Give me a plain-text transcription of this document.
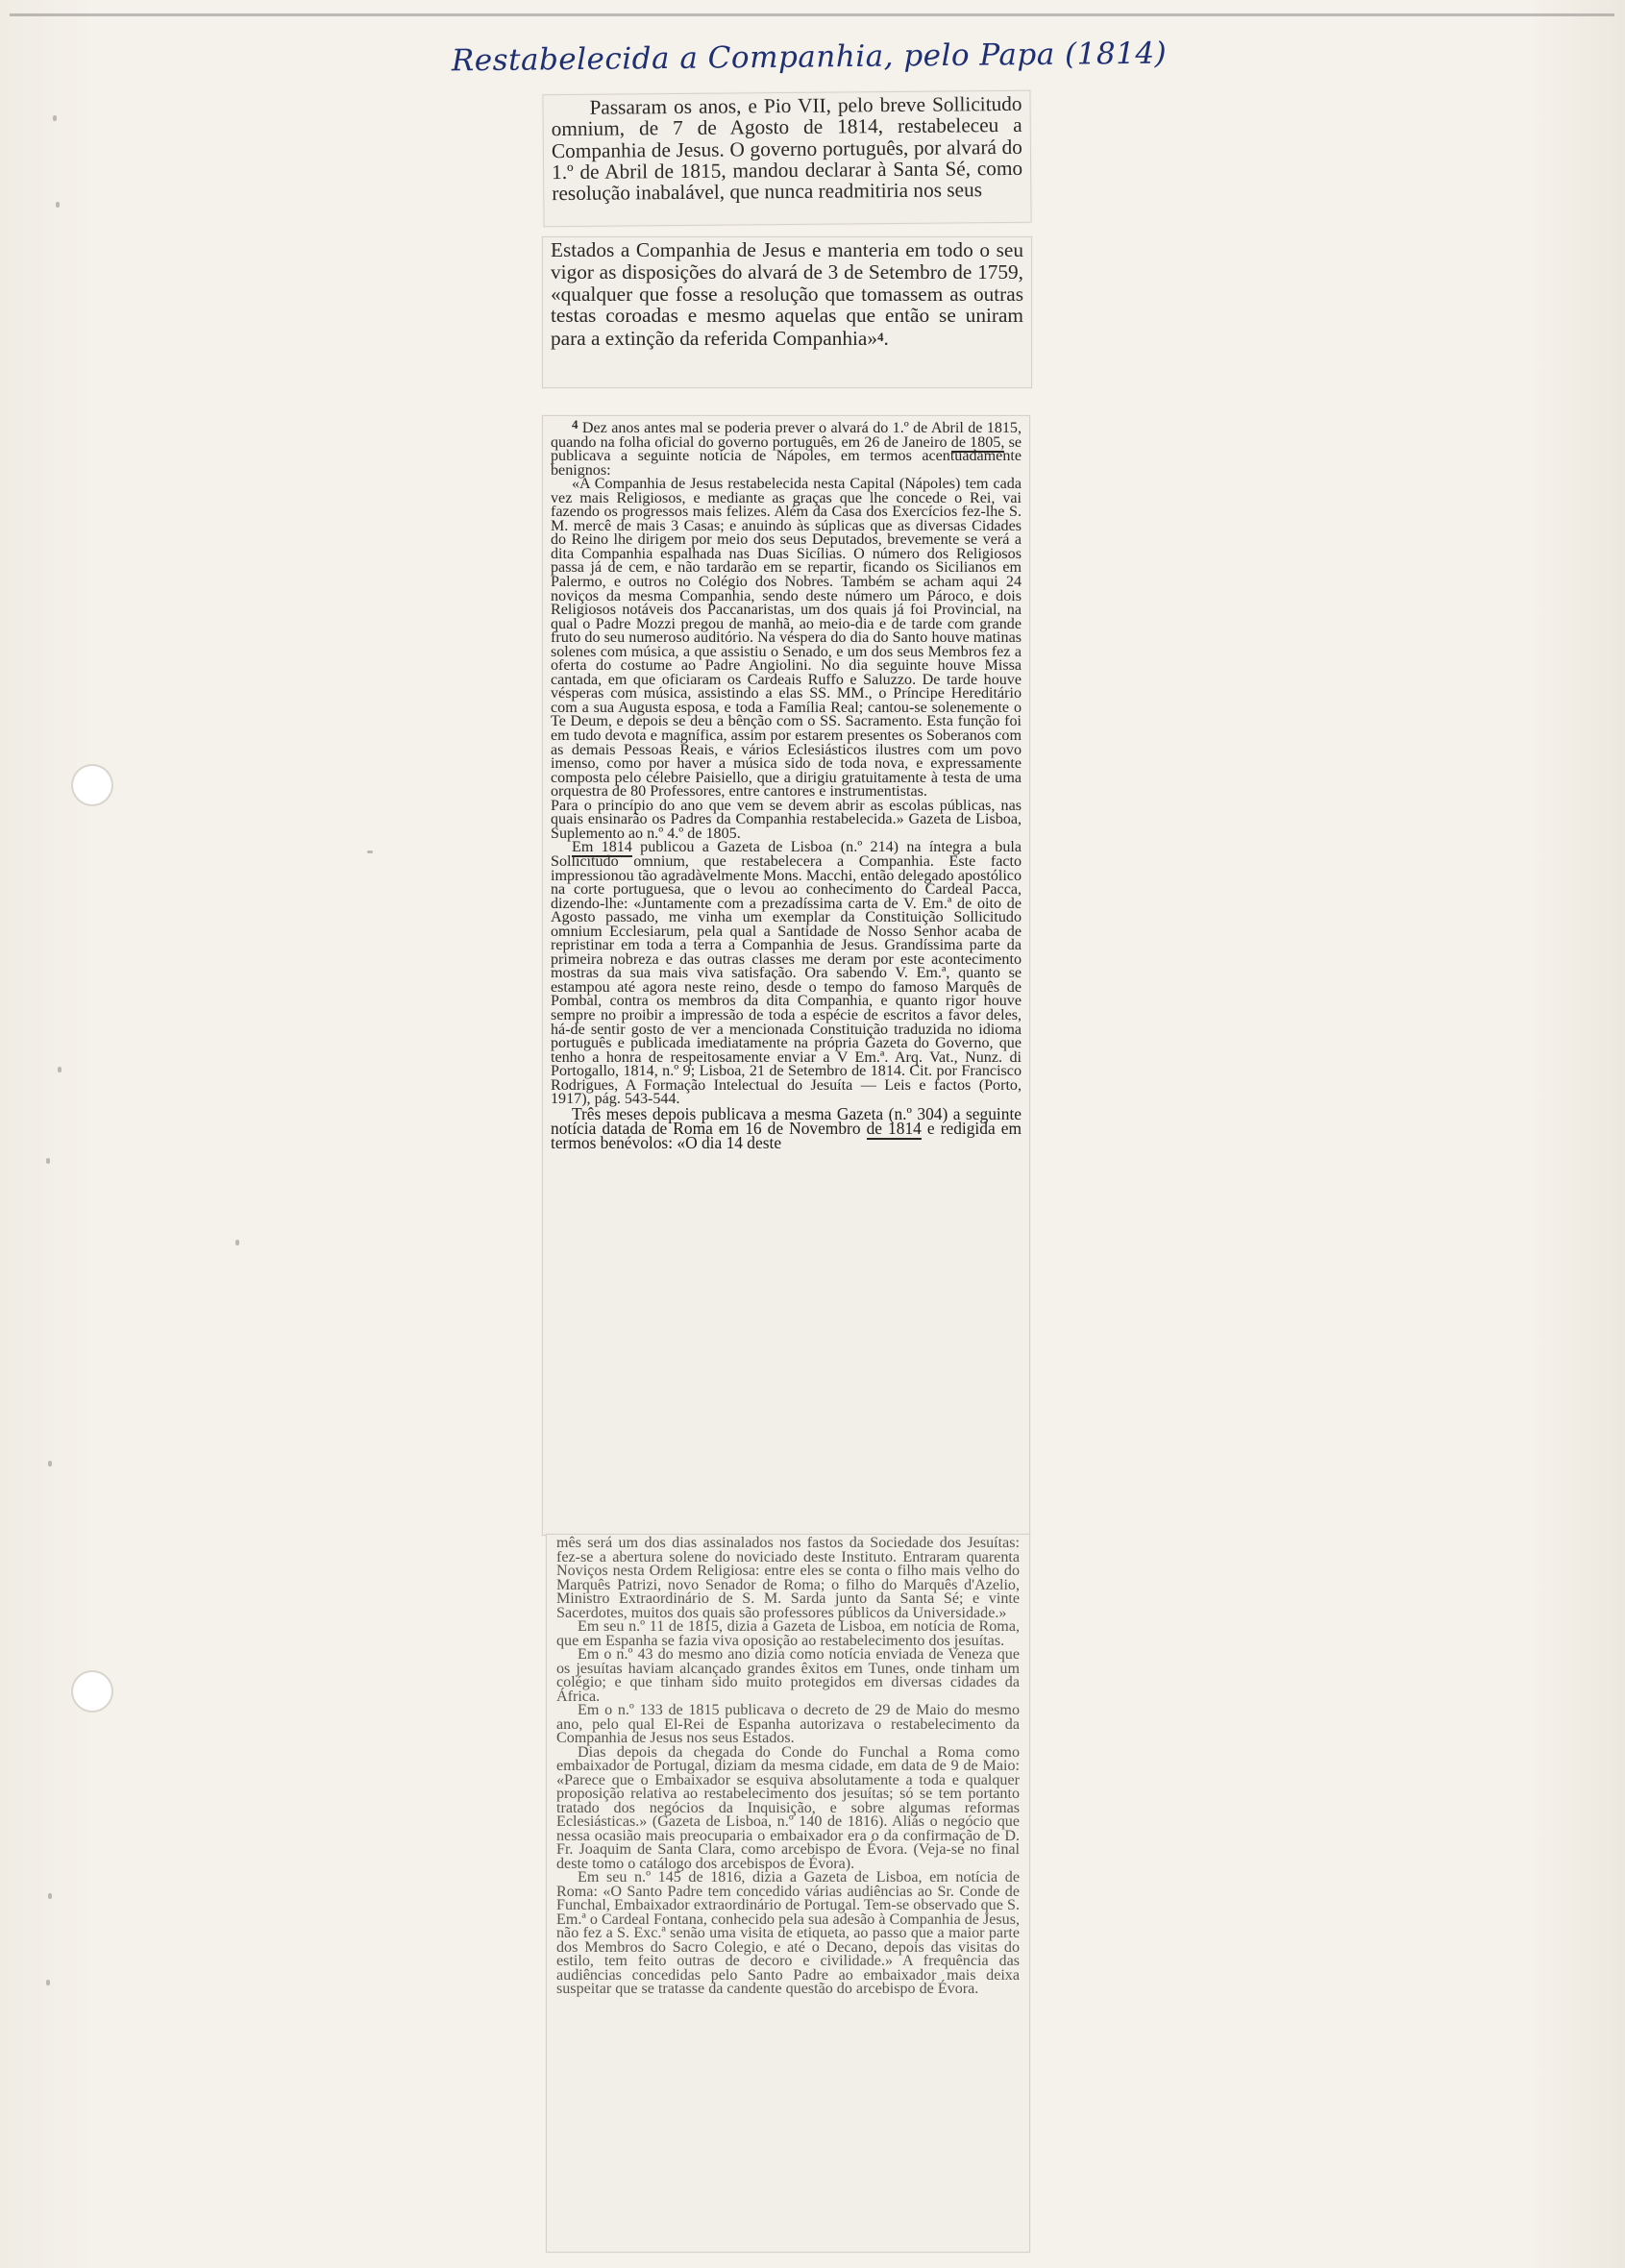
Restabelecida a Companhia, pelo Papa (1814)

Passaram os anos, e Pio VII, pelo breve Sollicitudo omnium, de 7 de Agosto de 1814, restabeleceu a Companhia de Jesus. O governo português, por alvará do 1.º de Abril de 1815, mandou declarar à Santa Sé, como resolução inabalável, que nunca readmitiria nos seus

Estados a Companhia de Jesus e manteria em todo o seu vigor as disposições do alvará de 3 de Setembro de 1759, «qualquer que fosse a resolução que tomassem as outras testas coroadas e mesmo aquelas que então se uniram para a extinção da referida Companhia»$^4$.

$^4$ Dez anos antes mal se poderia prever o alvará do 1.º de Abril de 1815, quando na folha oficial do governo português, em 26 de Janeiro de 1805, se publicava a seguinte notícia de Nápoles, em termos acentuadamente benignos:

«A Companhia de Jesus restabelecida nesta Capital (Nápoles) tem cada vez mais Religiosos, e mediante as graças que lhe concede o Rei, vai fazendo os progressos mais felizes. Além da Casa dos Exercícios fez-lhe S. M. mercê de mais 3 Casas; e anuindo às súplicas que as diversas Cidades do Reino lhe dirigem por meio dos seus Deputados, brevemente se verá a dita Companhia espalhada nas Duas Sicílias. O número dos Religiosos passa já de cem, e não tardarão em se repartir, ficando os Sicilianos em Palermo, e outros no Colégio dos Nobres. Também se acham aqui 24 noviços da mesma Companhia, sendo deste número um Pároco, e dois Religiosos notáveis dos Paccanaristas, um dos quais já foi Provincial, na qual o Padre Mozzi pregou de manhã, ao meio-dia e de tarde com grande fruto do seu numeroso auditório. Na véspera do dia do Santo houve matinas solenes com música, a que assistiu o Senado, e um dos seus Membros fez a oferta do costume ao Padre Angiolini. No dia seguinte houve Missa cantada, em que oficiaram os Cardeais Ruffo e Saluzzo. De tarde houve vésperas com música, assistindo a elas SS. MM., o Príncipe Hereditário com a sua Augusta esposa, e toda a Família Real; cantou-se solenemente o Te Deum, e depois se deu a bênção com o SS. Sacramento. Esta função foi em tudo devota e magnífica, assim por estarem presentes os Soberanos com as demais Pessoas Reais, e vários Eclesiásticos ilustres com um povo imenso, como por haver a música sido de toda nova, e expressamente composta pelo célebre Paisiello, que a dirigiu gratuitamente à testa de uma orquestra de 80 Professores, entre cantores e instrumentistas.

Para o princípio do ano que vem se devem abrir as escolas públicas, nas quais ensinarão os Padres da Companhia restabelecida.» Gazeta de Lisboa, Suplemento ao n.º 4.º de 1805.

Em 1814 publicou a Gazeta de Lisboa (n.º 214) na íntegra a bula Sollicitudo omnium, que restabelecera a Companhia. Este facto impressionou tão agradàvelmente Mons. Macchi, então delegado apostólico na corte portuguesa, que o levou ao conhecimento do Cardeal Pacca, dizendo-lhe: «Juntamente com a prezadíssima carta de V. Em.ª de oito de Agosto passado, me vinha um exemplar da Constituição Sollicitudo omnium Ecclesiarum, pela qual a Santidade de Nosso Senhor acaba de repristinar em toda a terra a Companhia de Jesus. Grandíssima parte da primeira nobreza e das outras classes me deram por este acontecimento mostras da sua mais viva satisfação. Ora sabendo V. Em.ª, quanto se estampou até agora neste reino, desde o tempo do famoso Marquês de Pombal, contra os membros da dita Companhia, e quanto rigor houve sempre no proibir a impressão de toda a espécie de escritos a favor deles, há-de sentir gosto de ver a mencionada Constituição traduzida no idioma português e publicada imediatamente na própria Gazeta do Governo, que tenho a honra de respeitosamente enviar a V Em.ª. Arq. Vat., Nunz. di Portogallo, 1814, n.º 9; Lisboa, 21 de Setembro de 1814. Cit. por Francisco Rodrigues, A Formação Intelectual do Jesuíta — Leis e factos (Porto, 1917), pág. 543-544.

Três meses depois publicava a mesma Gazeta (n.º 304) a seguinte notícia datada de Roma em 16 de Novembro de 1814 e redigida em termos benévolos: «O dia 14 deste

mês será um dos dias assinalados nos fastos da Sociedade dos Jesuítas: fez-se a abertura solene do noviciado deste Instituto. Entraram quarenta Noviços nesta Ordem Religiosa: entre eles se conta o filho mais velho do Marquês Patrizi, novo Senador de Roma; o filho do Marquês d'Azelio, Ministro Extraordinário de S. M. Sarda junto da Santa Sé; e vinte Sacerdotes, muitos dos quais são professores públicos da Universidade.»

Em seu n.º 11 de 1815, dizia a Gazeta de Lisboa, em notícia de Roma, que em Espanha se fazia viva oposição ao restabelecimento dos jesuítas.

Em o n.º 43 do mesmo ano dizia como notícia enviada de Veneza que os jesuítas haviam alcançado grandes êxitos em Tunes, onde tinham um colégio; e que tinham sido muito protegidos em diversas cidades da África.

Em o n.º 133 de 1815 publicava o decreto de 29 de Maio do mesmo ano, pelo qual El-Rei de Espanha autorizava o restabelecimento da Companhia de Jesus nos seus Estados.

Dias depois da chegada do Conde do Funchal a Roma como embaixador de Portugal, diziam da mesma cidade, em data de 9 de Maio: «Parece que o Embaixador se esquiva absolutamente a toda e qualquer proposição relativa ao restabelecimento dos jesuítas; só se tem portanto tratado dos negócios da Inquisição, e sobre algumas reformas Eclesiásticas.» (Gazeta de Lisboa, n.º 140 de 1816). Aliás o negócio que nessa ocasião mais preocuparia o embaixador era o da confirmação de D. Fr. Joaquim de Santa Clara, como arcebispo de Évora. (Veja-se no final deste tomo o catálogo dos arcebispos de Évora).

Em seu n.º 145 de 1816, dizia a Gazeta de Lisboa, em notícia de Roma: «O Santo Padre tem concedido várias audiências ao Sr. Conde de Funchal, Embaixador extraordinário de Portugal. Tem-se observado que S. Em.ª o Cardeal Fontana, conhecido pela sua adesão à Companhia de Jesus, não fez a S. Exc.ª senão uma visita de etiqueta, ao passo que a maior parte dos Membros do Sacro Colegio, e até o Decano, depois das visitas do estilo, tem feito outras de decoro e civilidade.» A frequência das audiências concedidas pelo Santo Padre ao embaixador mais deixa suspeitar que se tratasse da candente questão do arcebispo de Évora.
